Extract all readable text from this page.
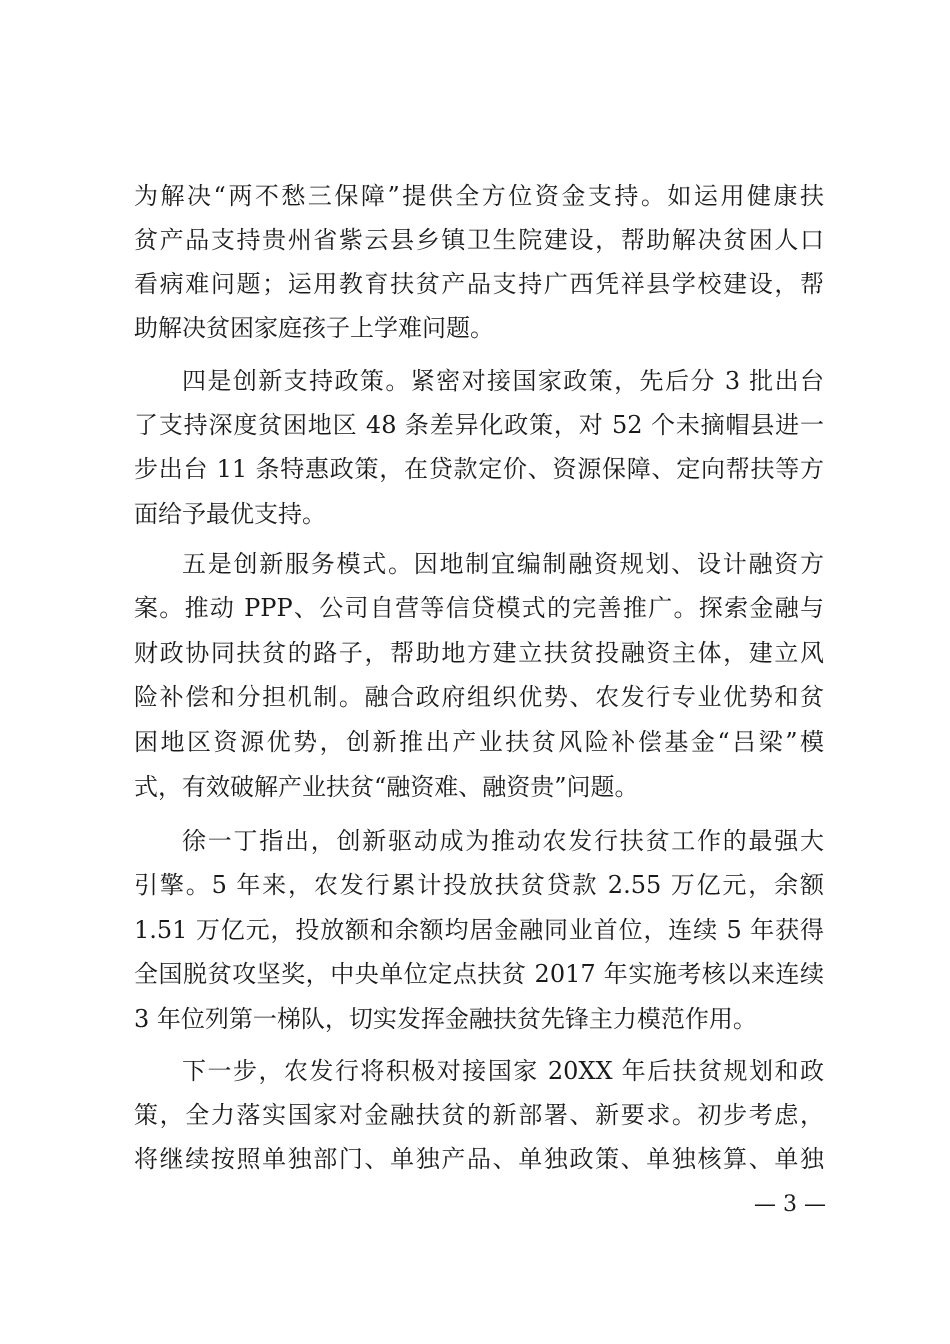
为解决“两不愁三保障”提供全方位资金支持。如运用健康扶
贫产品支持贵州省紫云县乡镇卫生院建设，帮助解决贫困人口
看病难问题；运用教育扶贫产品支持广西凭祥县学校建设，帮
助解决贫困家庭孩子上学难问题。
四是创新支持政策。紧密对接国家政策，先后分 3 批出台
了支持深度贫困地区 48 条差异化政策，对 52 个未摘帽县进一
步出台 11 条特惠政策，在贷款定价、资源保障、定向帮扶等方
面给予最优支持。
五是创新服务模式。因地制宜编制融资规划、设计融资方
案。推动 PPP、公司自营等信贷模式的完善推广。探索金融与
财政协同扶贫的路子，帮助地方建立扶贫投融资主体，建立风
险补偿和分担机制。融合政府组织优势、农发行专业优势和贫
困地区资源优势，创新推出产业扶贫风险补偿基金“吕梁”模
式，有效破解产业扶贫“融资难、融资贵”问题。
徐一丁指出，创新驱动成为推动农发行扶贫工作的最强大
引擎。5 年来，农发行累计投放扶贫贷款 2.55 万亿元，余额
1.51 万亿元，投放额和余额均居金融同业首位，连续 5 年获得
全国脱贫攻坚奖，中央单位定点扶贫 2017 年实施考核以来连续
3 年位列第一梯队，切实发挥金融扶贫先锋主力模范作用。
下一步，农发行将积极对接国家 20XX 年后扶贫规划和政
策，全力落实国家对金融扶贫的新部署、新要求。初步考虑，
将继续按照单独部门、单独产品、单独政策、单独核算、单独
— 3 —
